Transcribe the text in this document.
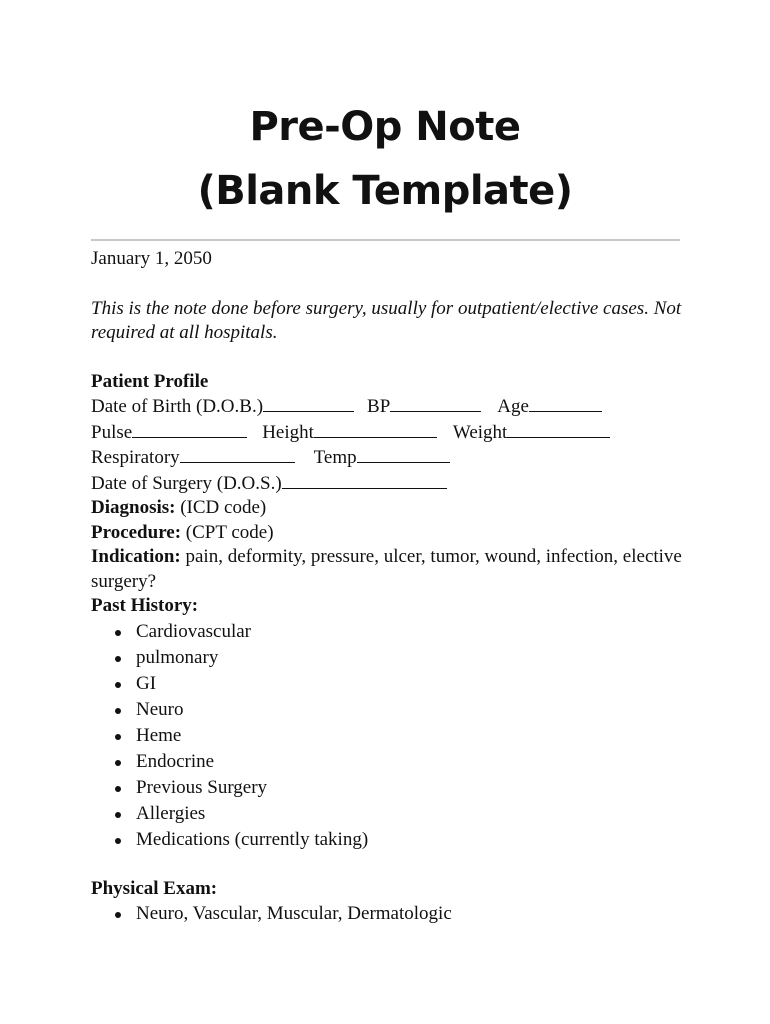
Pre-Op Note
(Blank Template)

January 1, 2050

This is the note done before surgery, usually for outpatient/elective cases. Not required at all hospitals.

Patient Profile

Date of Birth (D.O.B.)	BP	Age

Pulse	Height	Weight

Respiratory	Temp

Date of Surgery (D.O.S.)

Diagnosis: (ICD code)

Procedure: (CPT code)

Indication: pain, deformity, pressure, ulcer, tumor, wound, infection, elective surgery?

Past History:

Cardiovascular
pulmonary
GI
Neuro
Heme
Endocrine
Previous Surgery
Allergies
Medications (currently taking)

Physical Exam:

Neuro, Vascular, Muscular, Dermatologic
